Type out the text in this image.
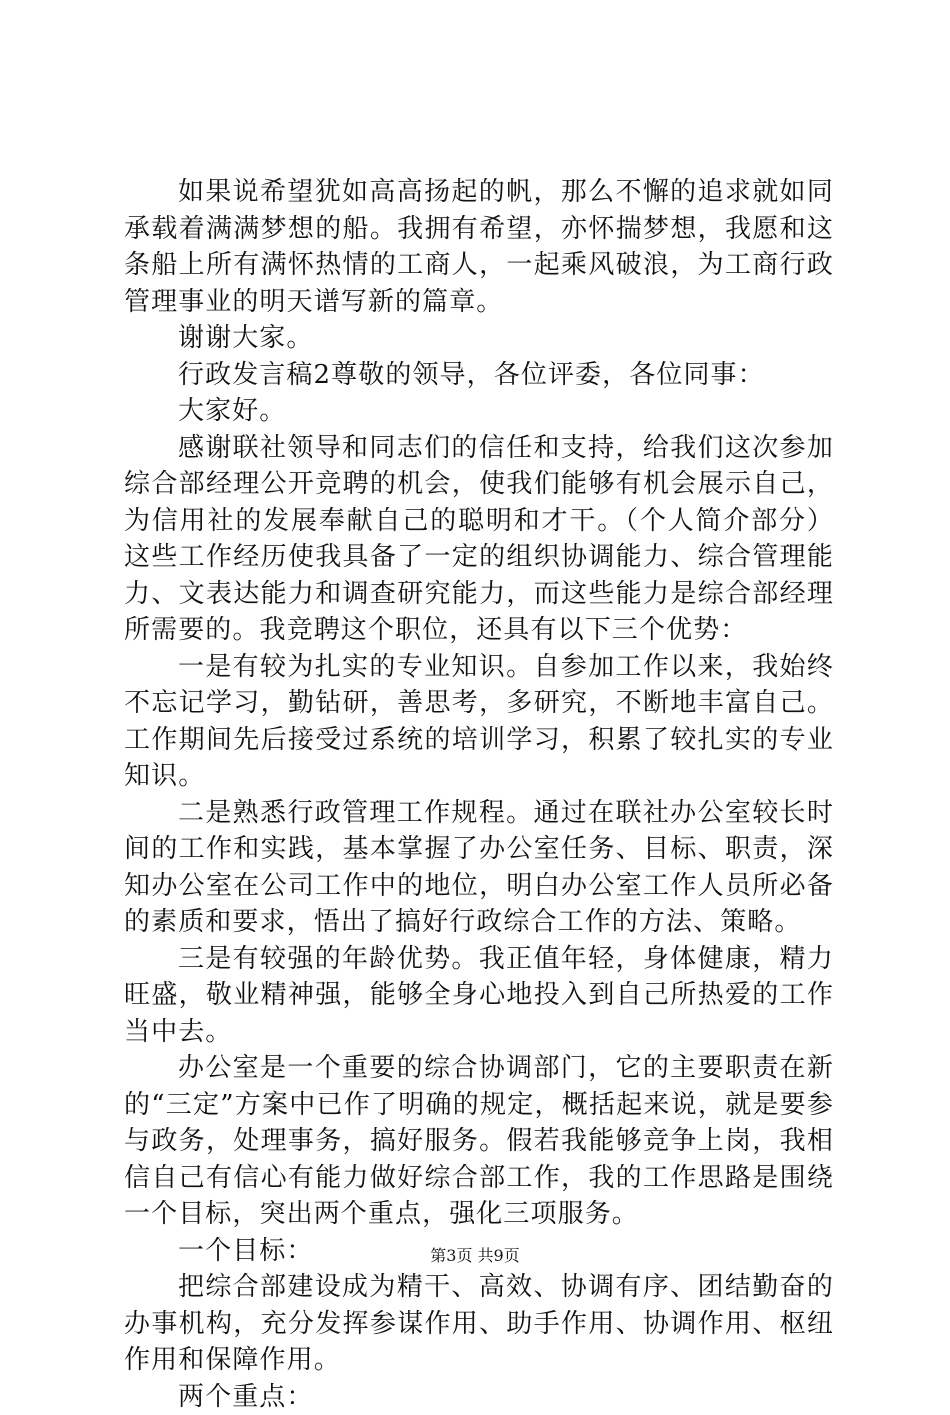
如果说希望犹如高高扬起的帆，那么不懈的追求就如同承载着满满梦想的船。我拥有希望，亦怀揣梦想，我愿和这条船上所有满怀热情的工商人，一起乘风破浪，为工商行政管理事业的明天谱写新的篇章。

谢谢大家。

行政发言稿2尊敬的领导，各位评委，各位同事：

大家好。

感谢联社领导和同志们的信任和支持，给我们这次参加综合部经理公开竞聘的机会，使我们能够有机会展示自己，为信用社的发展奉献自己的聪明和才干。（个人简介部分）这些工作经历使我具备了一定的组织协调能力、综合管理能力、文表达能力和调查研究能力，而这些能力是综合部经理所需要的。我竞聘这个职位，还具有以下三个优势：

一是有较为扎实的专业知识。自参加工作以来，我始终不忘记学习，勤钻研，善思考，多研究，不断地丰富自己。工作期间先后接受过系统的培训学习，积累了较扎实的专业知识。

二是熟悉行政管理工作规程。通过在联社办公室较长时间的工作和实践，基本掌握了办公室任务、目标、职责，深知办公室在公司工作中的地位，明白办公室工作人员所必备的素质和要求，悟出了搞好行政综合工作的方法、策略。

三是有较强的年龄优势。我正值年轻，身体健康，精力旺盛，敬业精神强，能够全身心地投入到自己所热爱的工作当中去。

办公室是一个重要的综合协调部门，它的主要职责在新的“三定”方案中已作了明确的规定，概括起来说，就是要参与政务，处理事务，搞好服务。假若我能够竞争上岗，我相信自己有信心有能力做好综合部工作，我的工作思路是围绕一个目标，突出两个重点，强化三项服务。

一个目标：

把综合部建设成为精干、高效、协调有序、团结勤奋的办事机构，充分发挥参谋作用、助手作用、协调作用、枢纽作用和保障作用。

两个重点：

第3页 共9页
